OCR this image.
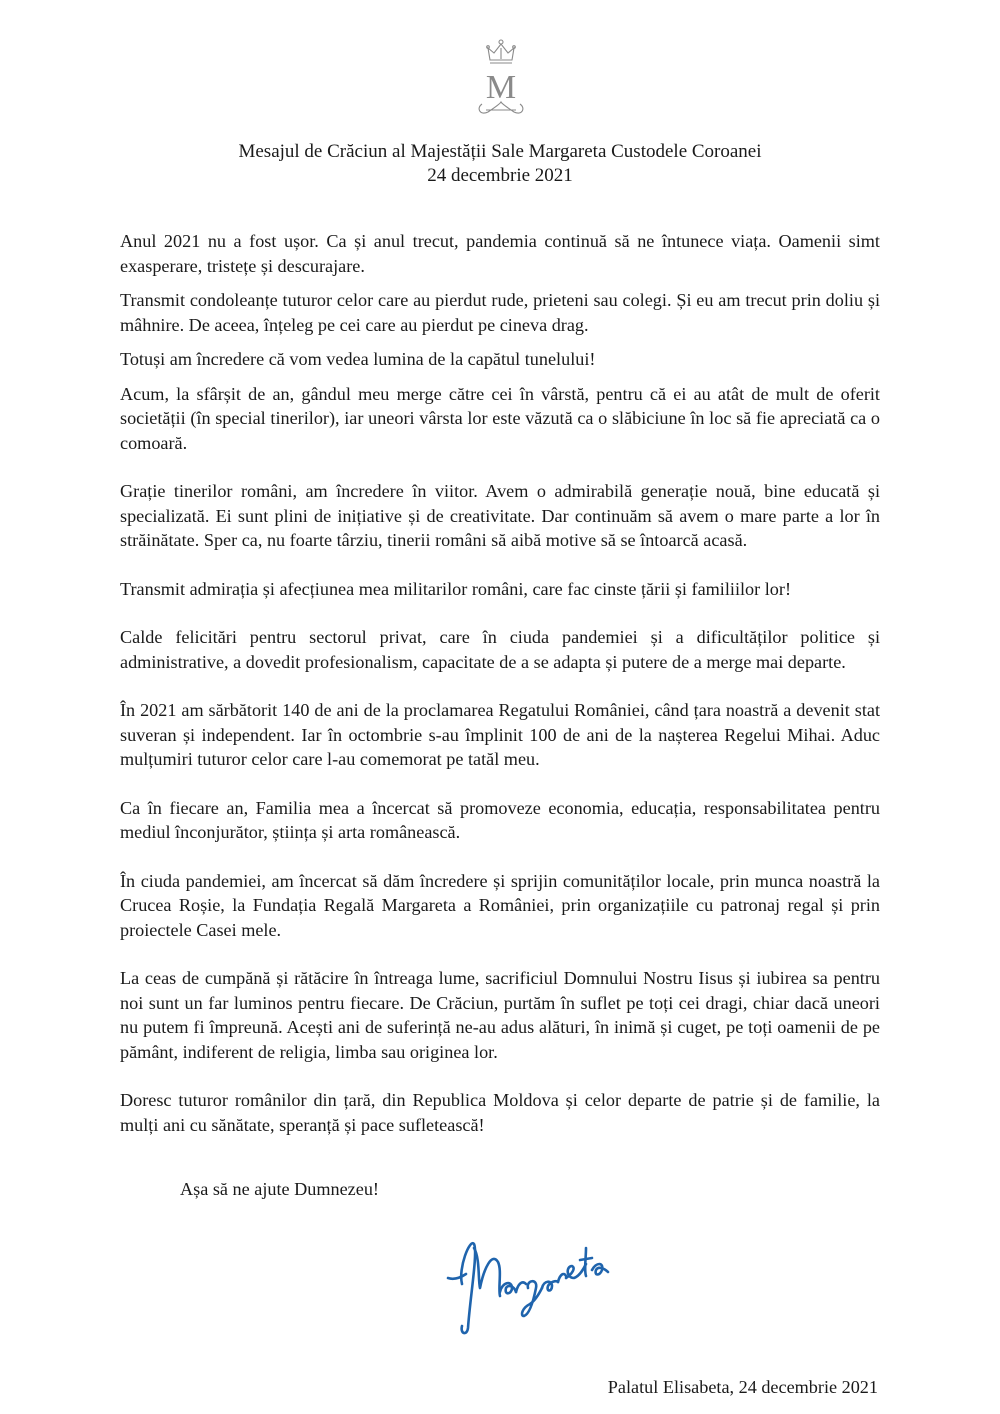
M
Mesajul de Crăciun al Majestății Sale Margareta Custodele Coroanei
24 decembrie 2021

Anul 2021 nu a fost ușor. Ca și anul trecut, pandemia continuă să ne întunece viața. Oamenii simt exasperare, tristețe și descurajare.

Transmit condoleanțe tuturor celor care au pierdut rude, prieteni sau colegi. Și eu am trecut prin doliu și mâhnire. De aceea, înțeleg pe cei care au pierdut pe cineva drag.

Totuși am încredere că vom vedea lumina de la capătul tunelului!

Acum, la sfârșit de an, gândul meu merge către cei în vârstă, pentru că ei au atât de mult de oferit societății (în special tinerilor), iar uneori vârsta lor este văzută ca o slăbiciune în loc să fie apreciată ca o comoară.

Grație tinerilor români, am încredere în viitor. Avem o admirabilă generație nouă, bine educată și specializată. Ei sunt plini de inițiative și de creativitate. Dar continuăm să avem o mare parte a lor în străinătate. Sper ca, nu foarte târziu, tinerii români să aibă motive să se întoarcă acasă.

Transmit admirația și afecțiunea mea militarilor români, care fac cinste țării și familiilor lor!

Calde felicitări pentru sectorul privat, care în ciuda pandemiei și a dificultăților politice și administrative, a dovedit profesionalism, capacitate de a se adapta și putere de a merge mai departe.

În 2021 am sărbătorit 140 de ani de la proclamarea Regatului României, când țara noastră a devenit stat suveran și independent. Iar în octombrie s-au împlinit 100 de ani de la nașterea Regelui Mihai. Aduc mulțumiri tuturor celor care l-au comemorat pe tatăl meu.

Ca în fiecare an, Familia mea a încercat să promoveze economia, educația, responsabilitatea pentru mediul înconjurător, știința și arta românească.

În ciuda pandemiei, am încercat să dăm încredere și sprijin comunităților locale, prin munca noastră la Crucea Roșie, la Fundația Regală Margareta a României, prin organizațiile cu patronaj regal și prin proiectele Casei mele.

La ceas de cumpănă și rătăcire în întreaga lume, sacrificiul Domnului Nostru Iisus și iubirea sa pentru noi sunt un far luminos pentru fiecare. De Crăciun, purtăm în suflet pe toți cei dragi, chiar dacă uneori nu putem fi împreună. Acești ani de suferință ne-au adus alături, în inimă și cuget, pe toți oamenii de pe pământ, indiferent de religia, limba sau originea lor.

Doresc tuturor românilor din țară, din Republica Moldova și celor departe de patrie și de familie, la mulți ani cu sănătate, speranță și pace sufletească!

Așa să ne ajute Dumnezeu!
Palatul Elisabeta, 24 decembrie 2021
